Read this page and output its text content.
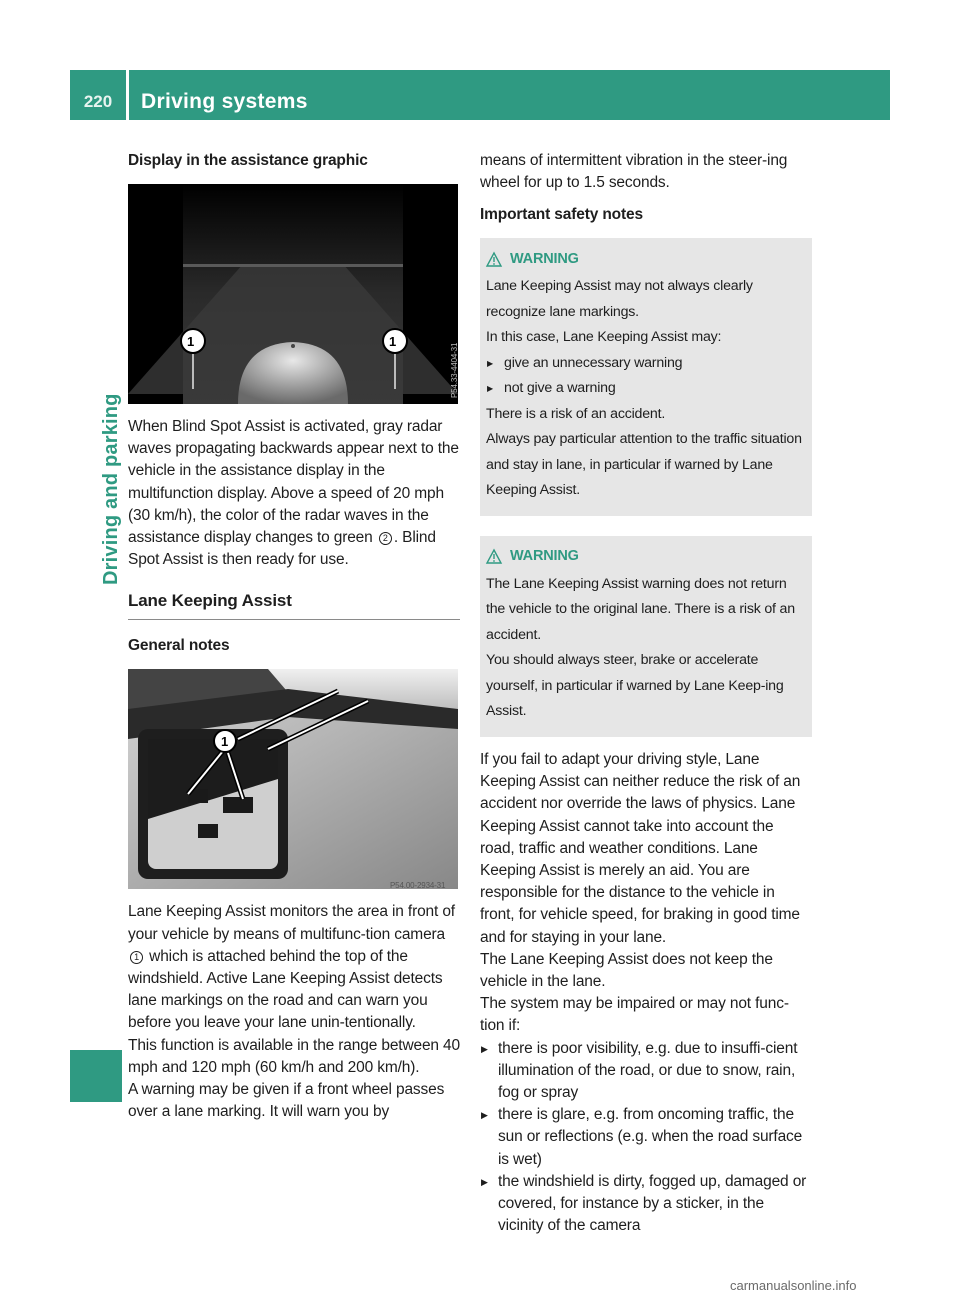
220	Driving systems
Driving and parking
Display in the assistance graphic
1	1
P54.33-4404-31

When Blind Spot Assist is activated, gray radar waves propagating backwards appear next to the vehicle in the assistance display in the multifunction display. Above a speed of 20 mph (30 km/h), the color of the radar waves in the assistance display changes to green 2 . Blind Spot Assist is then ready for use.

Lane Keeping Assist
General notes
1
P54.00-2934-31

Lane Keeping Assist monitors the area in front of your vehicle by means of multifunc-tion camera 1 which is attached behind the top of the windshield. Active Lane Keeping Assist detects lane markings on the road and can warn you before you leave your lane unin-tentionally.

This function is available in the range between 40 mph and 120 mph (60 km/h and 200 km/h).

A warning may be given if a front wheel passes over a lane marking. It will warn you by

means of intermittent vibration in the steer-ing wheel for up to 1.5 seconds.

Important safety notes
WARNING
Lane Keeping Assist may not always clearly recognize lane markings.
In this case, Lane Keeping Assist may:
▶ give an unnecessary warning
▶ not give a warning
There is a risk of an accident.
Always pay particular attention to the traffic situation and stay in lane, in particular if warned by Lane Keeping Assist.
WARNING
The Lane Keeping Assist warning does not return the vehicle to the original lane. There is a risk of an accident.
You should always steer, brake or accelerate yourself, in particular if warned by Lane Keep-ing Assist.

If you fail to adapt your driving style, Lane Keeping Assist can neither reduce the risk of an accident nor override the laws of physics. Lane Keeping Assist cannot take into account the road, traffic and weather conditions. Lane Keeping Assist is merely an aid. You are responsible for the distance to the vehicle in front, for vehicle speed, for braking in good time and for staying in your lane.

The Lane Keeping Assist does not keep the vehicle in the lane.

The system may be impaired or may not func-tion if:

▶ there is poor visibility, e.g. due to insuffi-cient illumination of the road, or due to snow, rain, fog or spray
▶ there is glare, e.g. from oncoming traffic, the sun or reflections (e.g. when the road surface is wet)
▶ the windshield is dirty, fogged up, damaged or covered, for instance by a sticker, in the vicinity of the camera
carmanualsonline.info
